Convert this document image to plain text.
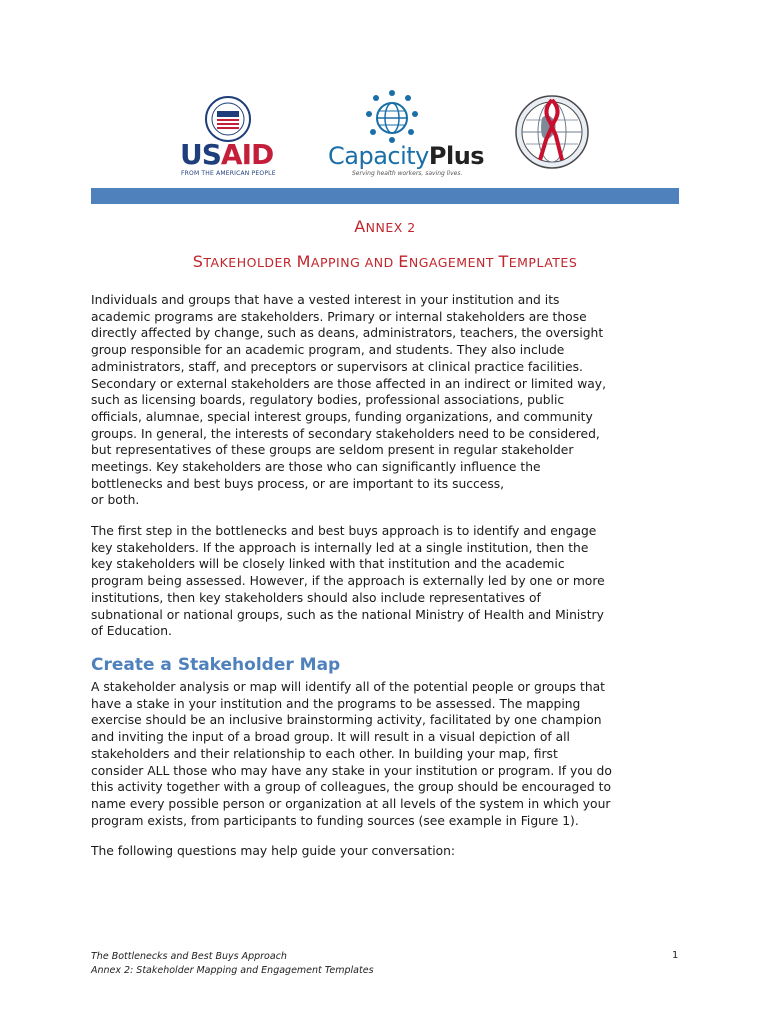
USAID
FROM THE AMERICAN PEOPLE
CapacityPlus
Serving health workers, saving lives.
ANNEX 2
STAKEHOLDER MAPPING AND ENGAGEMENT TEMPLATES

Individuals and groups that have a vested interest in your institution and its
academic programs are stakeholders. Primary or internal stakeholders are those
directly affected by change, such as deans, administrators, teachers, the oversight
group responsible for an academic program, and students. They also include
administrators, staff, and preceptors or supervisors at clinical practice facilities.
Secondary or external stakeholders are those affected in an indirect or limited way,
such as licensing boards, regulatory bodies, professional associations, public
officials, alumnae, special interest groups, funding organizations, and community
groups. In general, the interests of secondary stakeholders need to be considered,
but representatives of these groups are seldom present in regular stakeholder
meetings. Key stakeholders are those who can significantly influence the
bottlenecks and best buys process, or are important to its success,
or both.

The first step in the bottlenecks and best buys approach is to identify and engage
key stakeholders. If the approach is internally led at a single institution, then the
key stakeholders will be closely linked with that institution and the academic
program being assessed. However, if the approach is externally led by one or more
institutions, then key stakeholders should also include representatives of
subnational or national groups, such as the national Ministry of Health and Ministry
of Education.

Create a Stakeholder Map

A stakeholder analysis or map will identify all of the potential people or groups that
have a stake in your institution and the programs to be assessed. The mapping
exercise should be an inclusive brainstorming activity, facilitated by one champion
and inviting the input of a broad group. It will result in a visual depiction of all
stakeholders and their relationship to each other. In building your map, first
consider ALL those who may have any stake in your institution or program. If you do
this activity together with a group of colleagues, the group should be encouraged to
name every possible person or organization at all levels of the system in which your
program exists, from participants to funding sources (see example in Figure 1).

The following questions may help guide your conversation:

The Bottlenecks and Best Buys Approach
Annex 2: Stakeholder Mapping and Engagement Templates
1
